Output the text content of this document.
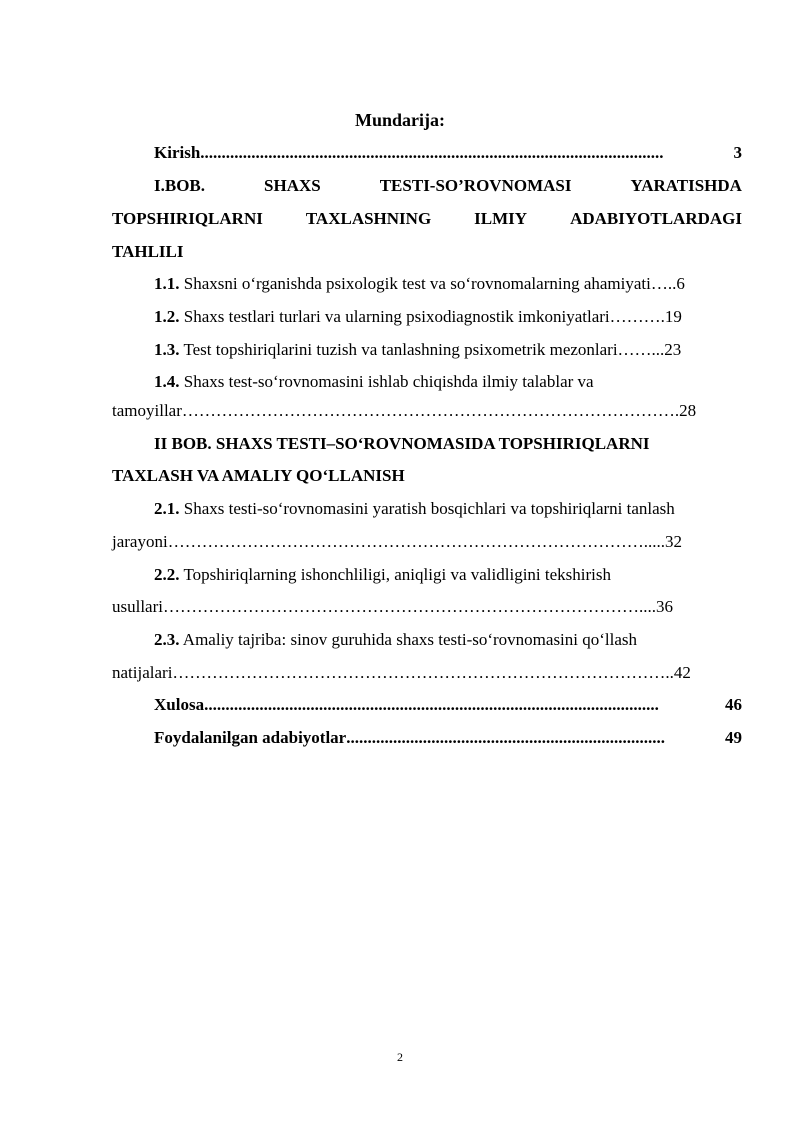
Mundarija:
Kirish .............................................................................................................	3
I.BOB.	SHAXS	TESTI-SO’ROVNOMASI	YARATISHDA
TOPSHIRIQLARNI	TAXLASHNING	ILMIY	ADABIYOTLARDAGI
TAHLILI
1.1. Shaxsni o‘rganishda psixologik test va so‘rovnomalarning ahamiyati…..6
1.2. Shaxs testlari turlari va ularning psixodiagnostik imkoniyatlari……….19
1.3. Test topshiriqlarini tuzish va tanlashning psixometrik mezonlari……...23
1.4. Shaxs test-so‘rovnomasini ishlab chiqishda ilmiy talablar va
tamoyillar…………………………………………………………………………….28
II BOB. SHAXS TESTI–SO‘ROVNOMASIDA TOPSHIRIQLARNI
TAXLASH VA AMALIY QO‘LLANISH
2.1. Shaxs testi-so‘rovnomasini yaratish bosqichlari va topshiriqlarni tanlash
jarayoni………………………………………………………………………….....32
2.2. Topshiriqlarning ishonchliligi, aniqligi va validligini tekshirish
usullari…………………………………………………………………………....36
2.3. Amaliy tajriba: sinov guruhida shaxs testi-so‘rovnomasini qo‘llash
natijalari……………………………………………………………………………..42
Xulosa ...........................................................................................................	46
Foydalanilgan adabiyotlar ...........................................................................	49
2
